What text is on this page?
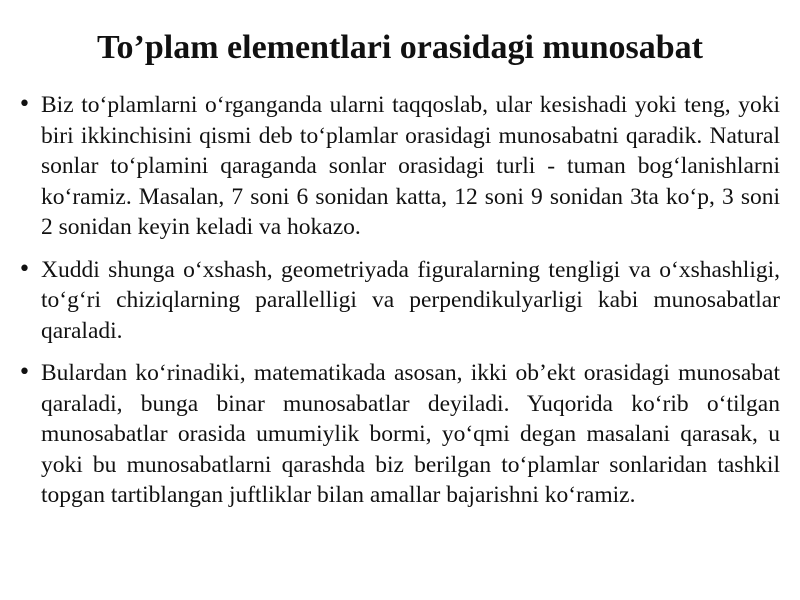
To’plam elementlari orasidagi munosabat
• Biz to‘plamlarni o‘rganganda ularni taqqoslab, ular kesishadi yoki teng, yoki biri ikkinchisini qismi deb to‘plamlar orasidagi munosabatni qaradik. Natural sonlar to‘plamini qaraganda sonlar orasidagi turli - tuman bog‘lanishlarni ko‘ramiz. Masalan, 7 soni 6 sonidan katta, 12 soni 9 sonidan 3ta ko‘p, 3 soni 2 sonidan keyin keladi va hokazo.
• Xuddi shunga o‘xshash, geometriyada figuralarning tengligi va o‘xshashligi, to‘g‘ri chiziqlarning parallelligi va perpendikulyarligi kabi munosabatlar qaraladi.
• Bulardan ko‘rinadiki, matematikada asosan, ikki ob’ekt orasidagi munosabat qaraladi, bunga binar munosabatlar deyiladi. Yuqorida ko‘rib o‘tilgan munosabatlar orasida umumiylik bormi, yo‘qmi degan masalani qarasak, u yoki bu munosabatlarni qarashda biz berilgan to‘plamlar sonlaridan tashkil topgan tartiblangan juftliklar bilan amallar bajarishni ko‘ramiz.
